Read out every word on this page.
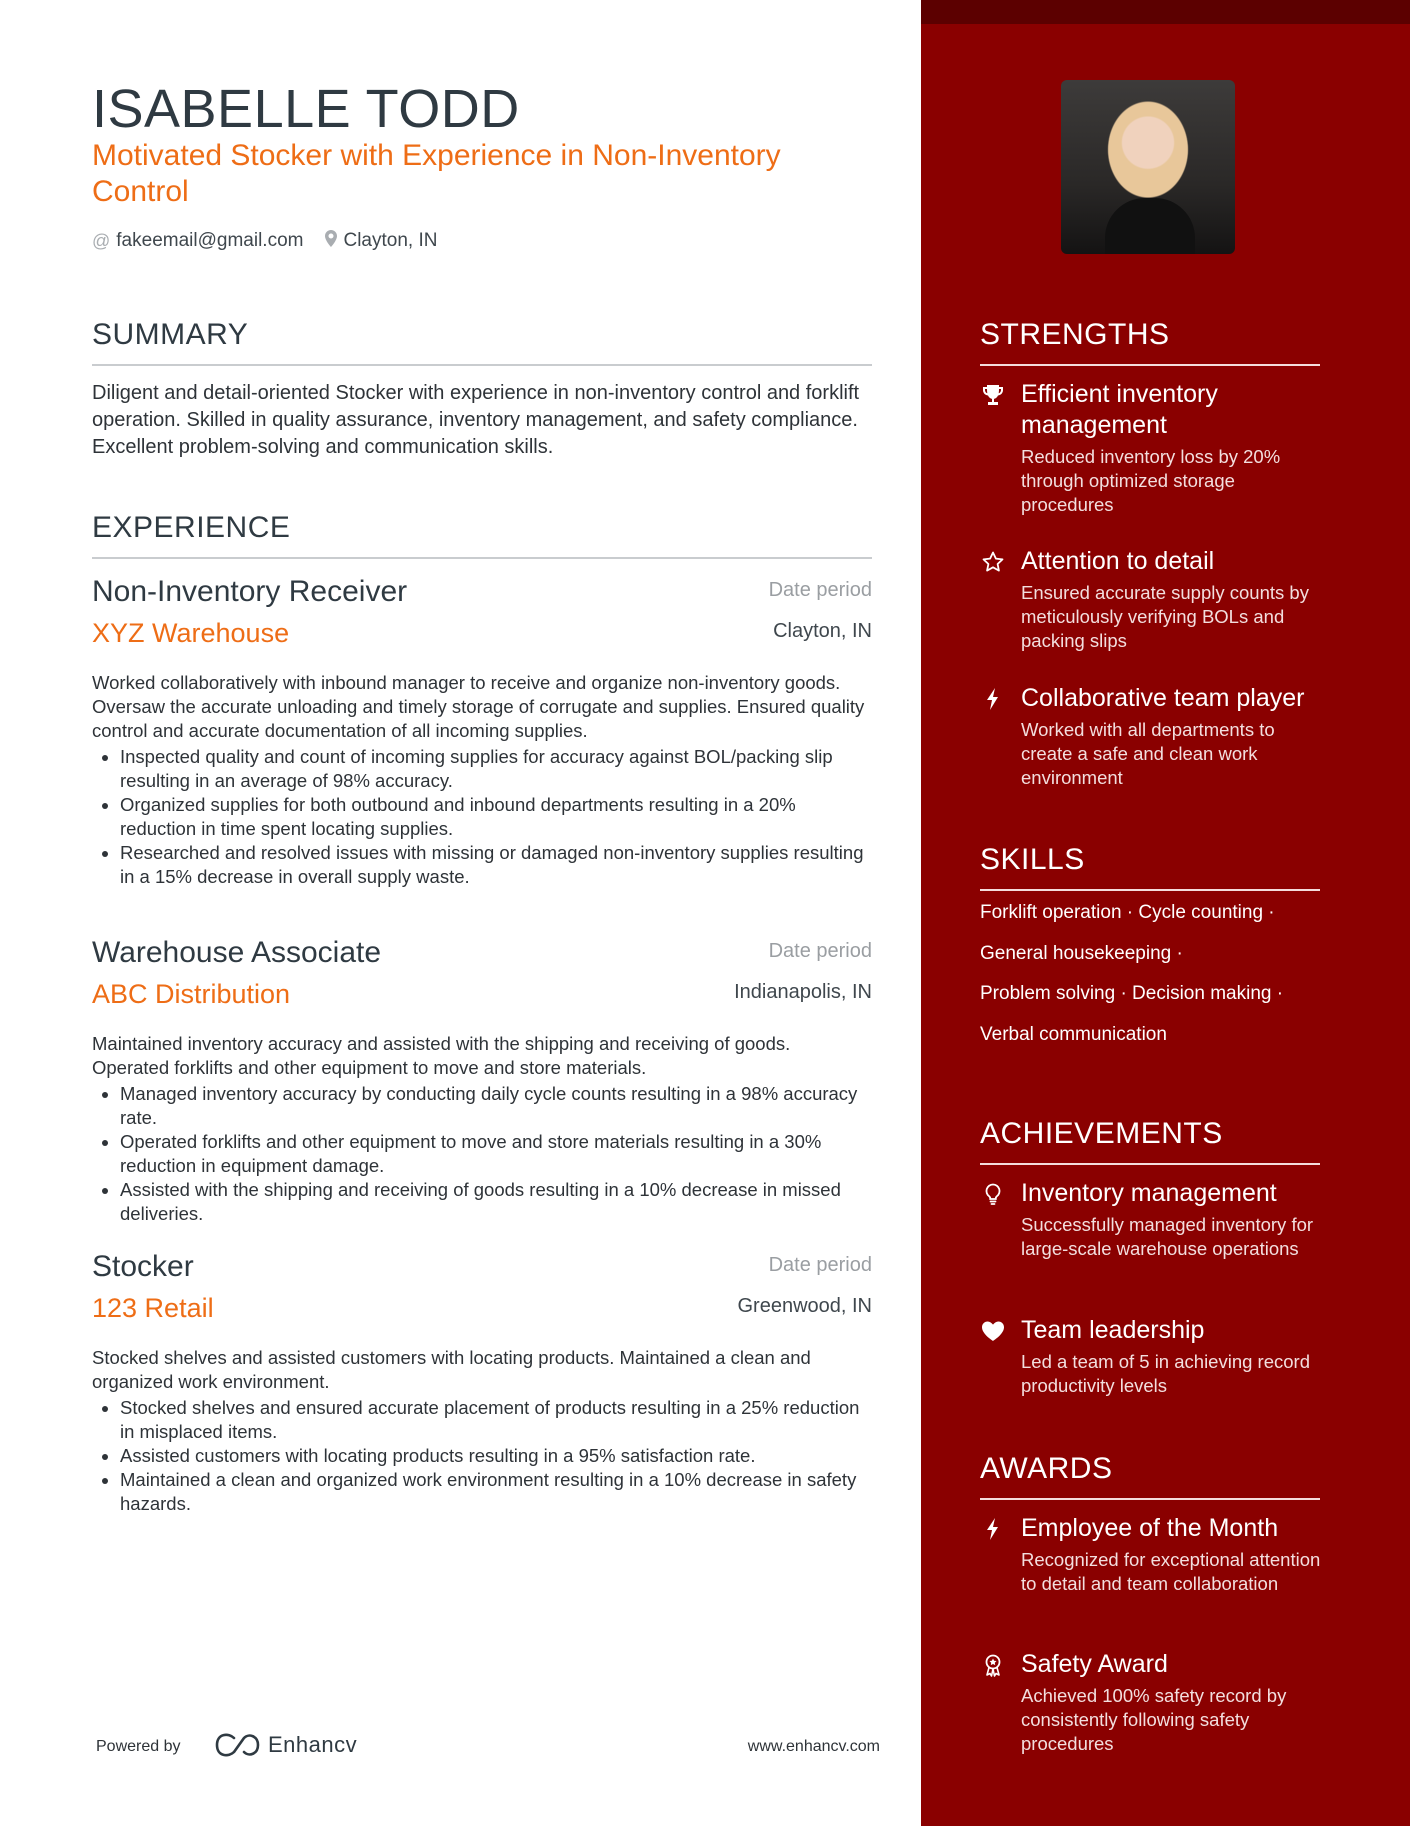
ISABELLE TODD
Motivated Stocker with Experience in Non-Inventory Control
@ fakeemail@gmail.com Clayton, IN
SUMMARY
Diligent and detail-oriented Stocker with experience in non-inventory control and forklift operation. Skilled in quality assurance, inventory management, and safety compliance. Excellent problem-solving and communication skills.
EXPERIENCE
Non-Inventory Receiver	Date period
XYZ Warehouse	Clayton, IN
Worked collaboratively with inbound manager to receive and organize non-inventory goods. Oversaw the accurate unloading and timely storage of corrugate and supplies. Ensured quality control and accurate documentation of all incoming supplies.
• Inspected quality and count of incoming supplies for accuracy against BOL/packing slip resulting in an average of 98% accuracy.
• Organized supplies for both outbound and inbound departments resulting in a 20% reduction in time spent locating supplies.
• Researched and resolved issues with missing or damaged non-inventory supplies resulting in a 15% decrease in overall supply waste.
Warehouse Associate	Date period
ABC Distribution	Indianapolis, IN
Maintained inventory accuracy and assisted with the shipping and receiving of goods. Operated forklifts and other equipment to move and store materials.
• Managed inventory accuracy by conducting daily cycle counts resulting in a 98% accuracy rate.
• Operated forklifts and other equipment to move and store materials resulting in a 30% reduction in equipment damage.
• Assisted with the shipping and receiving of goods resulting in a 10% decrease in missed deliveries.
Stocker	Date period
123 Retail	Greenwood, IN
Stocked shelves and assisted customers with locating products. Maintained a clean and organized work environment.
• Stocked shelves and ensured accurate placement of products resulting in a 25% reduction in misplaced items.
• Assisted customers with locating products resulting in a 95% satisfaction rate.
• Maintained a clean and organized work environment resulting in a 10% decrease in safety hazards.
Powered by	Enhancv	www.enhancv.com
STRENGTHS
Efficient inventory management
Reduced inventory loss by 20% through optimized storage procedures
Attention to detail
Ensured accurate supply counts by meticulously verifying BOLs and packing slips
Collaborative team player
Worked with all departments to create a safe and clean work environment
SKILLS
Forklift operation · Cycle counting ·
General housekeeping ·
Problem solving · Decision making ·
Verbal communication
ACHIEVEMENTS
Inventory management
Successfully managed inventory for large-scale warehouse operations
Team leadership
Led a team of 5 in achieving record productivity levels
AWARDS
Employee of the Month
Recognized for exceptional attention to detail and team collaboration
Safety Award
Achieved 100% safety record by consistently following safety procedures
